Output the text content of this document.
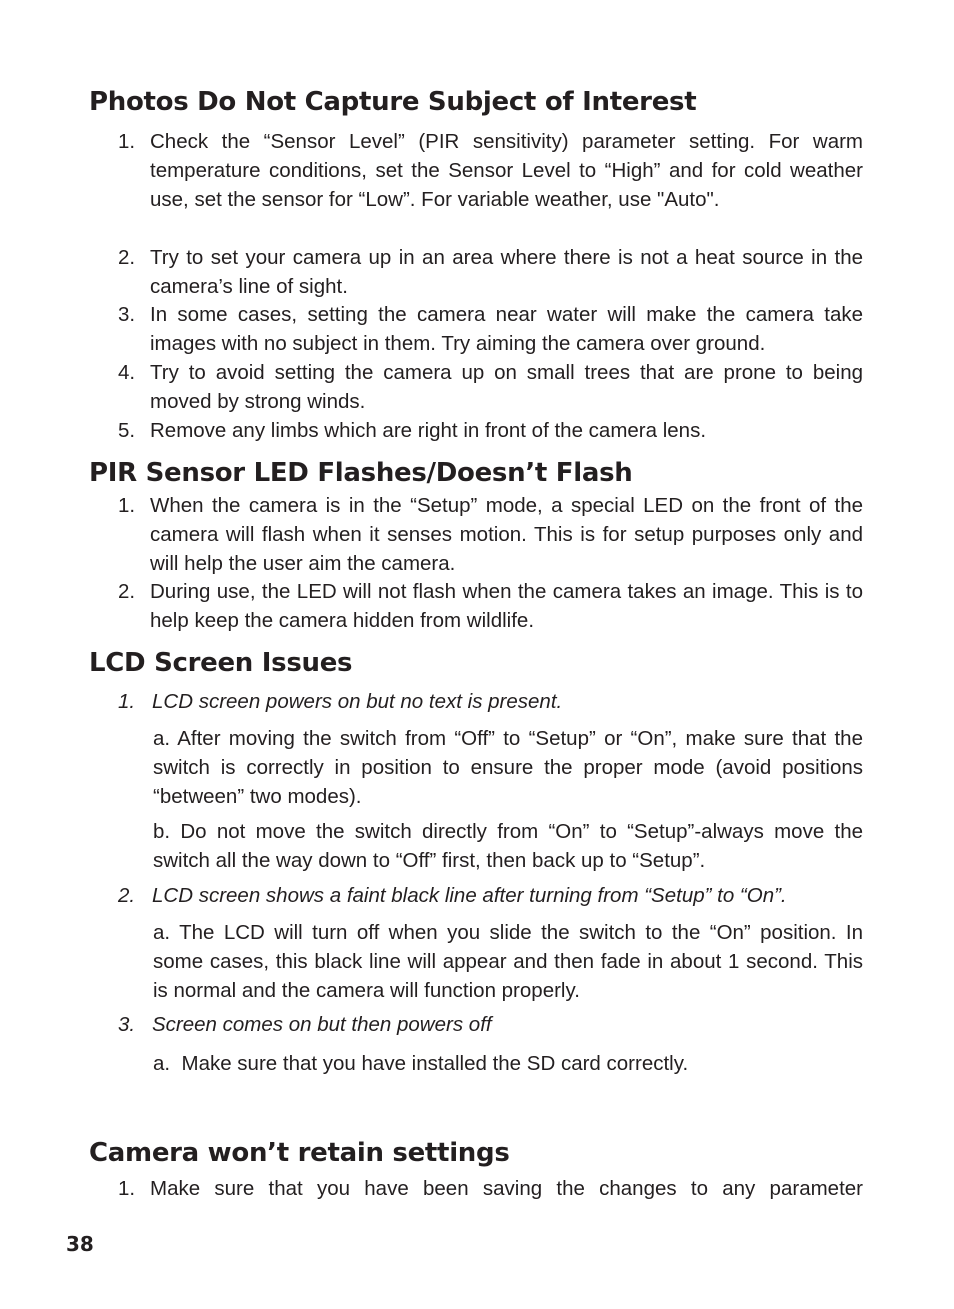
Photos Do Not Capture Subject of Interest
1. Check the “Sensor Level” (PIR sensitivity) parameter setting. For warm temperature conditions, set the Sensor Level to “High” and for cold weather use, set the sensor for “Low”. For variable weather, use "Auto".
2. Try to set your camera up in an area where there is not a heat source in the camera’s line of sight.
3. In some cases, setting the camera near water will make the camera take images with no subject in them. Try aiming the camera over ground.
4. Try to avoid setting the camera up on small trees that are prone to being moved by strong winds.
5. Remove any limbs which are right in front of the camera lens.
PIR Sensor LED Flashes/Doesn’t Flash
1. When the camera is in the “Setup” mode, a special LED on the front of the camera will flash when it senses motion. This is for setup purposes only and will help the user aim the camera.
2. During use, the LED will not flash when the camera takes an image. This is to help keep the camera hidden from wildlife.
LCD Screen Issues
1. LCD screen powers on but no text is present.
a. After moving the switch from “Off” to “Setup” or “On”, make sure that the switch is correctly in position to ensure the proper mode (avoid positions “between” two modes).
b. Do not move the switch directly from “On” to “Setup”-always move the switch all the way down to “Off” first, then back up to “Setup”.
2. LCD screen shows a faint black line after turning from “Setup” to “On”.
a. The LCD will turn off when you slide the switch to the “On” position. In some cases, this black line will appear and then fade in about 1 second. This is normal and the camera will function properly.
3. Screen comes on but then powers off
a.  Make sure that you have installed the SD card correctly.
Camera won’t retain settings
1. Make sure that you have been saving the changes to any parameter
38
